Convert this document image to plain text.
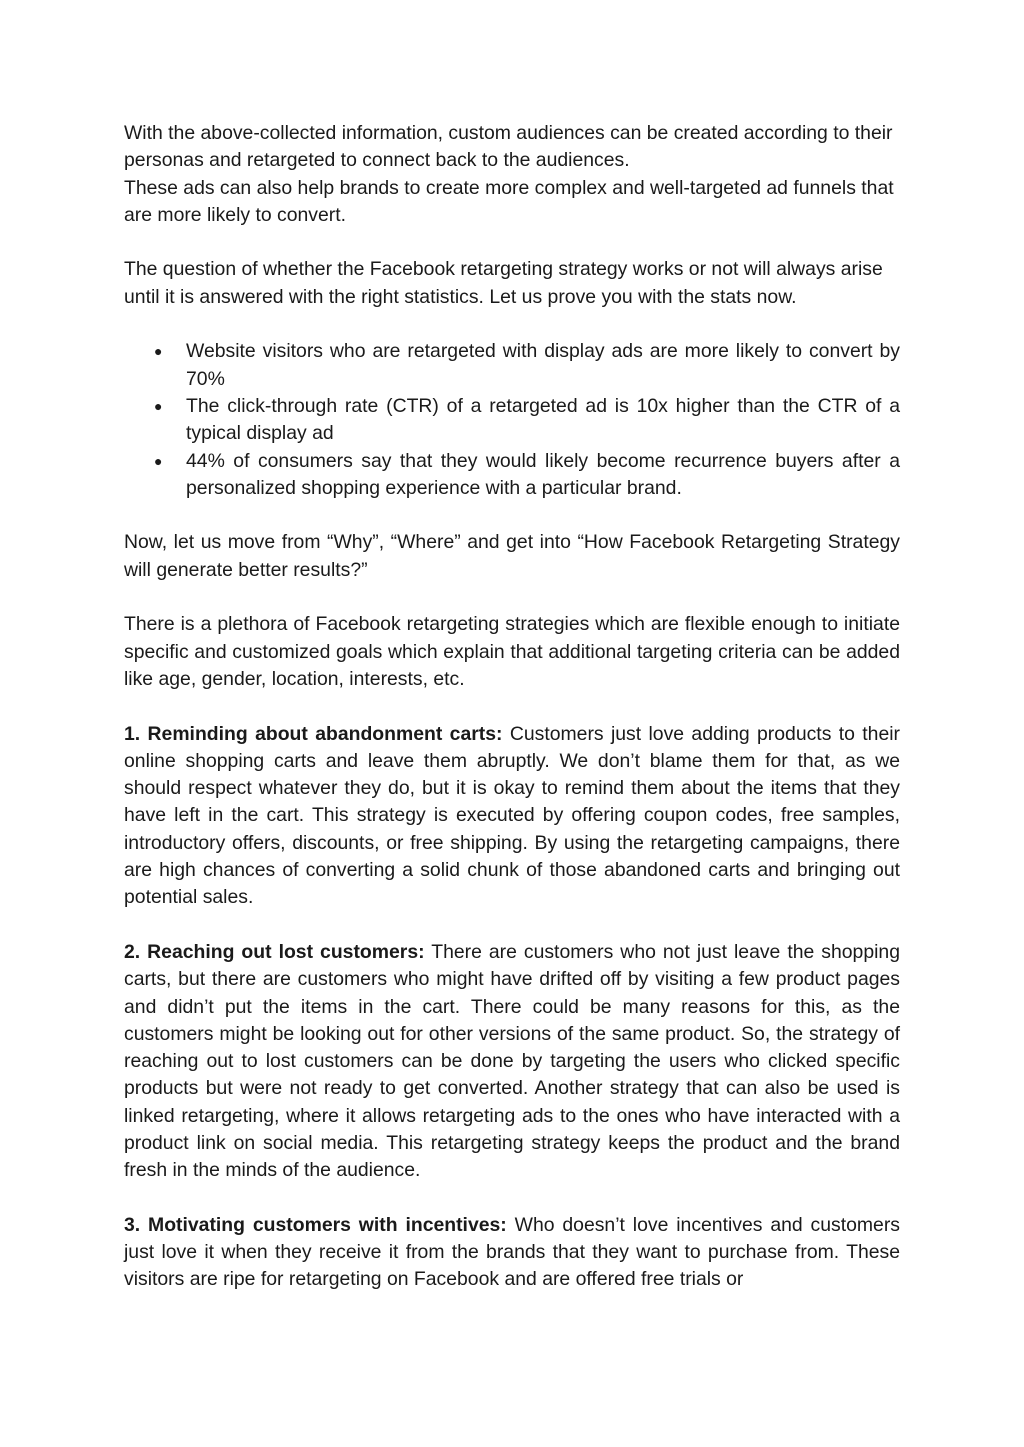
With the above-collected information, custom audiences can be created according to their personas and retargeted to connect back to the audiences.

These ads can also help brands to create more complex and well-targeted ad funnels that are more likely to convert.

The question of whether the Facebook retargeting strategy works or not will always arise until it is answered with the right statistics. Let us prove you with the stats now.

● Website visitors who are retargeted with display ads are more likely to convert by 70%
● The click-through rate (CTR) of a retargeted ad is 10x higher than the CTR of a typical display ad
● 44% of consumers say that they would likely become recurrence buyers after a personalized shopping experience with a particular brand.

Now, let us move from “Why”, “Where” and get into “How Facebook Retargeting Strategy will generate better results?”

There is a plethora of Facebook retargeting strategies which are flexible enough to initiate specific and customized goals which explain that additional targeting criteria can be added like age, gender, location, interests, etc.

1. Reminding about abandonment carts: Customers just love adding products to their online shopping carts and leave them abruptly. We don’t blame them for that, as we should respect whatever they do, but it is okay to remind them about the items that they have left in the cart. This strategy is executed by offering coupon codes, free samples, introductory offers, discounts, or free shipping. By using the retargeting campaigns, there are high chances of converting a solid chunk of those abandoned carts and bringing out potential sales.

2. Reaching out lost customers: There are customers who not just leave the shopping carts, but there are customers who might have drifted off by visiting a few product pages and didn’t put the items in the cart. There could be many reasons for this, as the customers might be looking out for other versions of the same product. So, the strategy of reaching out to lost customers can be done by targeting the users who clicked specific products but were not ready to get converted. Another strategy that can also be used is linked retargeting, where it allows retargeting ads to the ones who have interacted with a product link on social media. This retargeting strategy keeps the product and the brand fresh in the minds of the audience.

3. Motivating customers with incentives: Who doesn’t love incentives and customers just love it when they receive it from the brands that they want to purchase from. These visitors are ripe for retargeting on Facebook and are offered free trials or
